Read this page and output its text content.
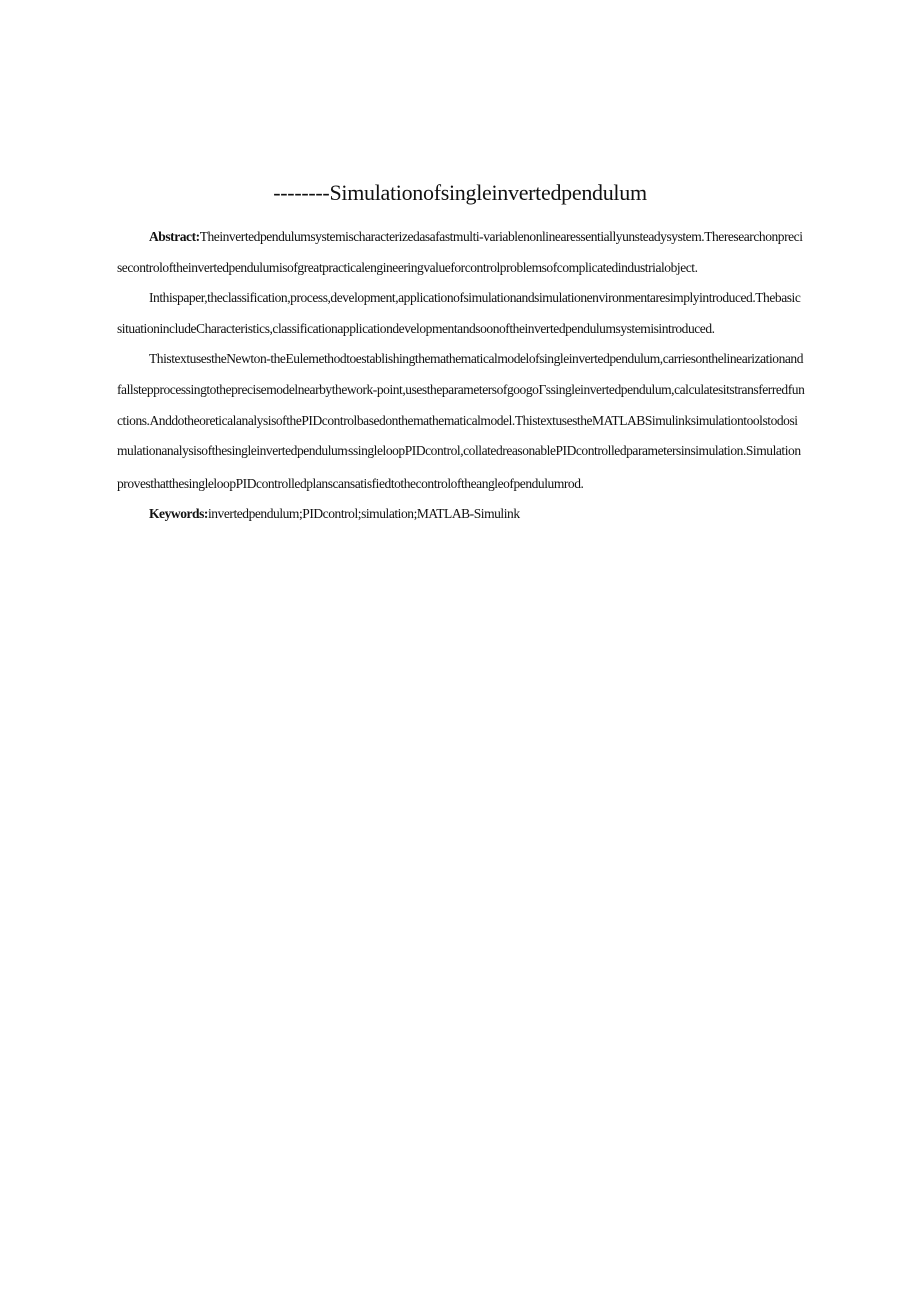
--------Simulationofsingleinvertedpendulum

Abstract:Theinvertedpendulumsystemischaracterizedasafastmulti-variablenonlinearessentiallyunsteadysystem.Theresearchonprecisecontroloftheinvertedpendulumisofgreatpracticalengineeringvalueforcontrolproblemsofcomplicatedindustrialobject.

Inthispaper,theclassification,process,development,applicationofsimulationandsimulationenvironmentaresimplyintroduced.ThebasicsituationincludeCharacteristics,classificationapplicationdevelopmentandsoonoftheinvertedpendulumsystemisintroduced.

ThistextusestheNewton-theEulemethodtoestablishingthemathematicalmodelofsingleinvertedpendulum,carriesonthelinearizationandfallstepprocessingtotheprecisemodelnearbythework-point,usestheparametersofgoogoΓssingleinvertedpendulum,calculatesitstransferredfunctions.AnddotheoreticalanalysisofthePIDcontrolbasedonthemathematicalmodel.ThistextusestheMATLABSimulinksimulationtoolstodosimulationanalysisofthesingleinvertedpendulum'ssingleloopPIDcontrol,collatedreasonablePIDcontrolledparametersinsimulation.SimulationprovesthatthesingleloopPIDcontrolledplanscansatisfiedtothecontroloftheangleofpendulumrod.

Keywords:invertedpendulum;PIDcontrol;simulation;MATLAB-Simulink
